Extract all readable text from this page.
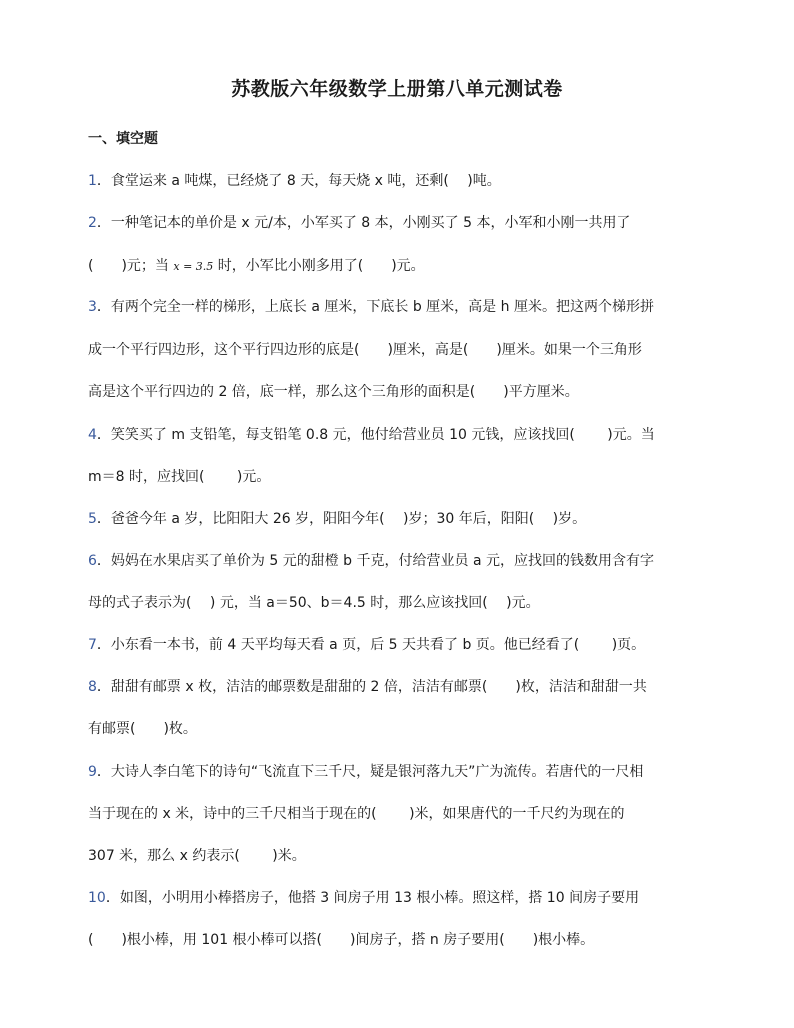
苏教版六年级数学上册第八单元测试卷
一、填空题
1．食堂运来 a 吨煤，已经烧了 8 天，每天烧 x 吨，还剩(　 )吨。
2．一种笔记本的单价是 x 元/本，小军买了 8 本，小刚买了 5 本，小军和小刚一共用了
(　　)元；当 x = 3.5 时，小军比小刚多用了(　　)元。
3．有两个完全一样的梯形，上底长 a 厘米，下底长 b 厘米，高是 h 厘米。把这两个梯形拼
成一个平行四边形，这个平行四边形的底是(　　)厘米，高是(　　)厘米。如果一个三角形
高是这个平行四边的 2 倍，底一样，那么这个三角形的面积是(　　)平方厘米。
4．笑笑买了 m 支铅笔，每支铅笔 0.8 元，他付给营业员 10 元钱，应该找回(　　 )元。当
m＝8 时，应找回(　　 )元。
5．爸爸今年 a 岁，比阳阳大 26 岁，阳阳今年(　 )岁；30 年后，阳阳(　 )岁。
6．妈妈在水果店买了单价为 5 元的甜橙 b 千克，付给营业员 a 元，应找回的钱数用含有字
母的式子表示为(　 ) 元，当 a＝50、b＝4.5 时，那么应该找回(　 )元。
7．小东看一本书，前 4 天平均每天看 a 页，后 5 天共看了 b 页。他已经看了(　　 )页。
8．甜甜有邮票 x 枚，洁洁的邮票数是甜甜的 2 倍，洁洁有邮票(　　)枚，洁洁和甜甜一共
有邮票(　　)枚。
9．大诗人李白笔下的诗句“飞流直下三千尺，疑是银河落九天”广为流传。若唐代的一尺相
当于现在的 x 米，诗中的三千尺相当于现在的(　　 )米，如果唐代的一千尺约为现在的
307 米，那么 x 约表示(　　 )米。
10．如图，小明用小棒搭房子，他搭 3 间房子用 13 根小棒。照这样，搭 10 间房子要用
(　　)根小棒，用 101 根小棒可以搭(　　)间房子，搭 n 房子要用(　　)根小棒。
